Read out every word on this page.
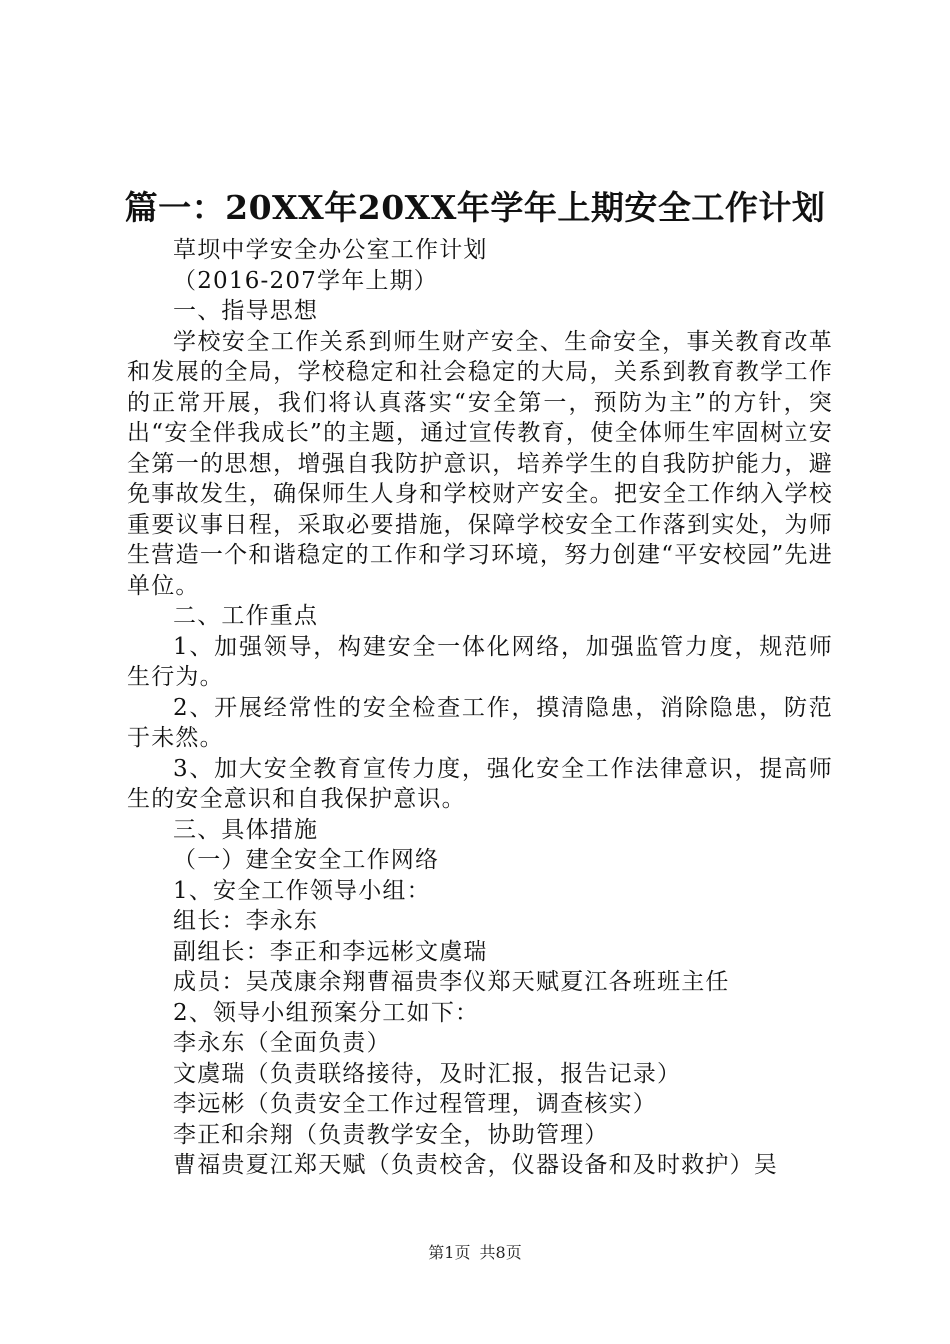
篇一：20XX年20XX年学年上期安全工作计划

草坝中学安全办公室工作计划

（2016-207学年上期）

一、指导思想

学校安全工作关系到师生财产安全、生命安全，事关教育改革和发展的全局，学校稳定和社会稳定的大局，关系到教育教学工作的正常开展，我们将认真落实“安全第一，预防为主”的方针，突出“安全伴我成长”的主题，通过宣传教育，使全体师生牢固树立安全第一的思想，增强自我防护意识，培养学生的自我防护能力，避免事故发生，确保师生人身和学校财产安全。把安全工作纳入学校重要议事日程，采取必要措施，保障学校安全工作落到实处，为师生营造一个和谐稳定的工作和学习环境，努力创建“平安校园”先进单位。

二、工作重点

1、加强领导，构建安全一体化网络，加强监管力度，规范师生行为。

2、开展经常性的安全检查工作，摸清隐患，消除隐患，防范于未然。

3、加大安全教育宣传力度，强化安全工作法律意识，提高师生的安全意识和自我保护意识。

三、具体措施

（一）建全安全工作网络

1、安全工作领导小组：

组长：李永东

副组长：李正和李远彬文虞瑞

成员：吴茂康余翔曹福贵李仪郑天赋夏江各班班主任

2、领导小组预案分工如下：

李永东（全面负责）

文虞瑞（负责联络接待，及时汇报，报告记录）

李远彬（负责安全工作过程管理，调查核实）

李正和余翔（负责教学安全，协助管理）

曹福贵夏江郑天赋（负责校舍，仪器设备和及时救护）吴

第1页 共8页
